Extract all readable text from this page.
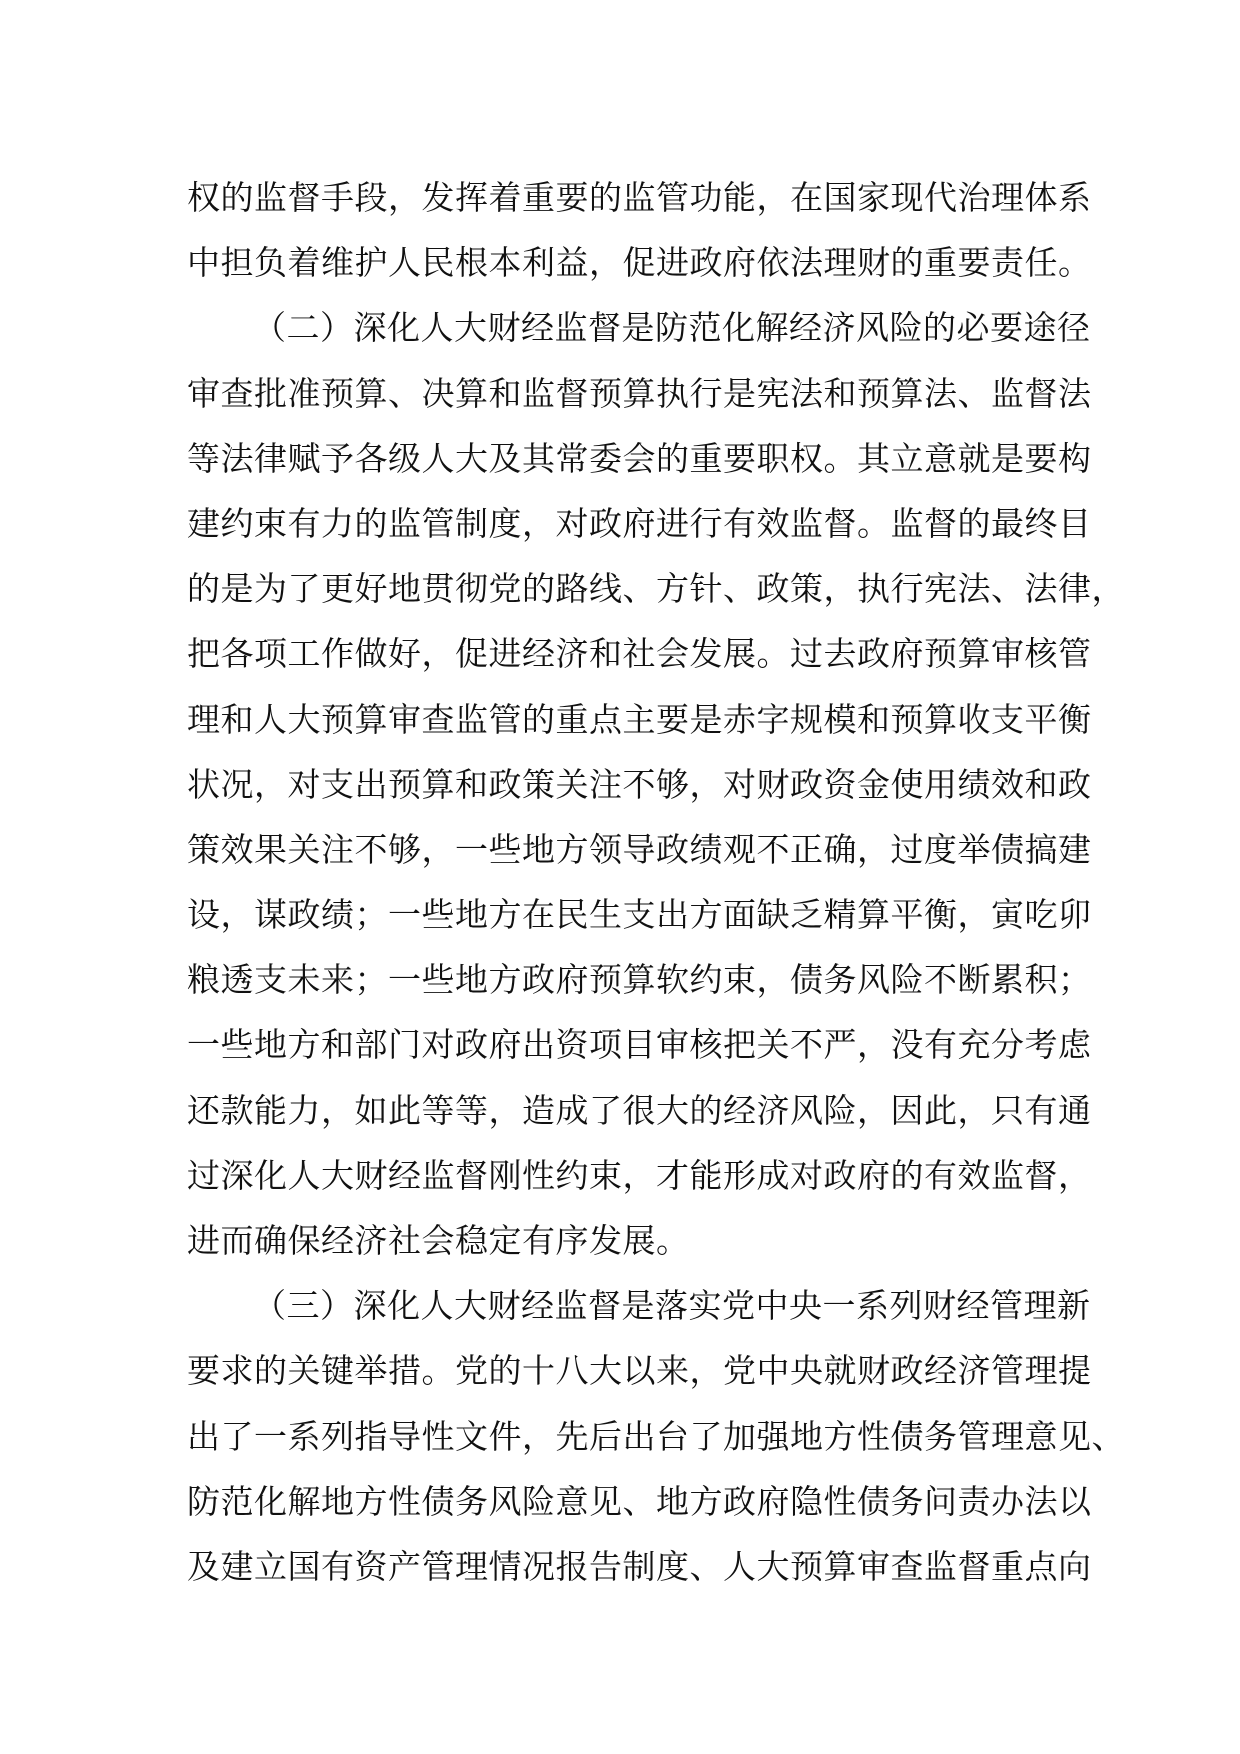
权的监督手段，发挥着重要的监管功能，在国家现代治理体系
中担负着维护人民根本利益，促进政府依法理财的重要责任。
（二）深化人大财经监督是防范化解经济风险的必要途径
审查批准预算、决算和监督预算执行是宪法和预算法、监督法
等法律赋予各级人大及其常委会的重要职权。其立意就是要构
建约束有力的监管制度，对政府进行有效监督。监督的最终目
的是为了更好地贯彻党的路线、方针、政策，执行宪法、法律，
把各项工作做好，促进经济和社会发展。过去政府预算审核管
理和人大预算审查监管的重点主要是赤字规模和预算收支平衡
状况，对支出预算和政策关注不够，对财政资金使用绩效和政
策效果关注不够，一些地方领导政绩观不正确，过度举债搞建
设，谋政绩；一些地方在民生支出方面缺乏精算平衡，寅吃卯
粮透支未来；一些地方政府预算软约束，债务风险不断累积；
一些地方和部门对政府出资项目审核把关不严，没有充分考虑
还款能力，如此等等，造成了很大的经济风险，因此，只有通
过深化人大财经监督刚性约束，才能形成对政府的有效监督，
进而确保经济社会稳定有序发展。
（三）深化人大财经监督是落实党中央一系列财经管理新
要求的关键举措。党的十八大以来，党中央就财政经济管理提
出了一系列指导性文件，先后出台了加强地方性债务管理意见、
防范化解地方性债务风险意见、地方政府隐性债务问责办法以
及建立国有资产管理情况报告制度、人大预算审查监督重点向
